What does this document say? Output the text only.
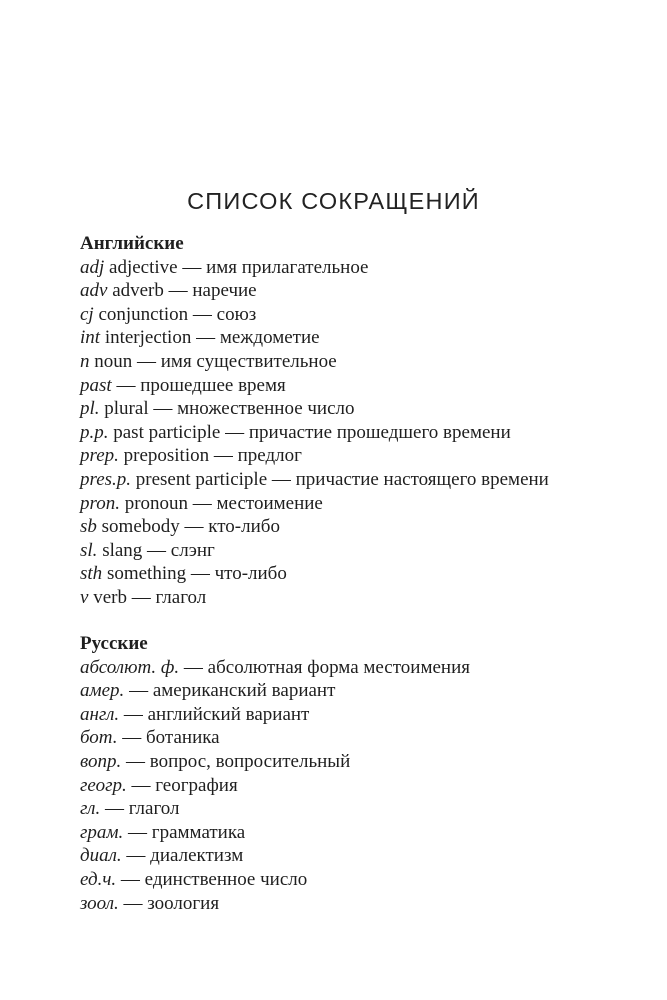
СПИСОК СОКРАЩЕНИЙ
Английские
adj adjective — имя прилагательное
adv adverb — наречие
cj conjunction — союз
int interjection — междометие
n noun — имя существительное
past — прошедшее время
pl. plural — множественное число
p.p. past participle — причастие прошедшего времени
prep. preposition — предлог
pres.p. present participle — причастие настоящего времени
pron. pronoun — местоимение
sb somebody — кто-либо
sl. slang — слэнг
sth something — что-либо
v verb — глагол
Русские
абсолют. ф. — абсолютная форма местоимения
амер. — американский вариант
англ. — английский вариант
бот. — ботаника
вопр. — вопрос, вопросительный
геогр. — география
гл. — глагол
грам. — грамматика
диал. — диалектизм
ед.ч. — единственное число
зоол. — зоология
